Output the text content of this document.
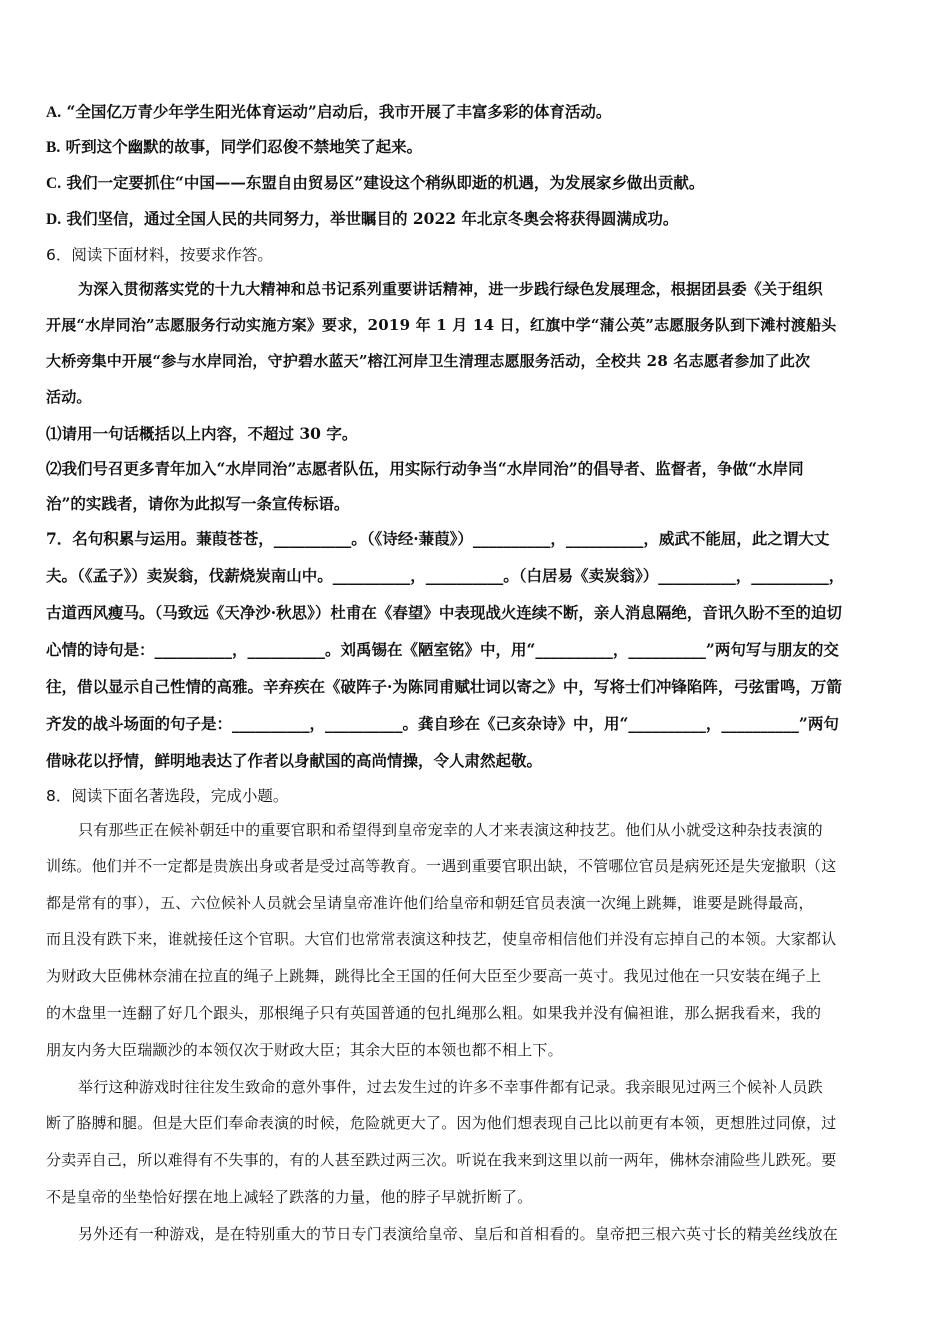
A. “全国亿万青少年学生阳光体育运动”启动后，我市开展了丰富多彩的体育活动。
B. 听到这个幽默的故事，同学们忍俊不禁地笑了起来。
C. 我们一定要抓住“中国——东盟自由贸易区”建设这个稍纵即逝的机遇，为发展家乡做出贡献。
D. 我们坚信，通过全国人民的共同努力，举世瞩目的 2022 年北京冬奥会将获得圆满成功。
6．阅读下面材料，按要求作答。
为深入贯彻落实党的十九大精神和总书记系列重要讲话精神，进一步践行绿色发展理念，根据团县委《关于组织
开展“水岸同治”志愿服务行动实施方案》要求，2019 年 1 月 14 日，红旗中学“蒲公英”志愿服务队到下滩村渡船头
大桥旁集中开展“参与水岸同治，守护碧水蓝天”榕江河岸卫生清理志愿服务活动，全校共 28 名志愿者参加了此次
活动。
⑴请用一句话概括以上内容，不超过 30 字。
⑵我们号召更多青年加入“水岸同治”志愿者队伍，用实际行动争当“水岸同治”的倡导者、监督者，争做“水岸同
治”的实践者，请你为此拟写一条宣传标语。
7．名句积累与运用。蒹葭苍苍，__________。（《诗经·蒹葭》）__________，__________，威武不能屈，此之谓大丈
夫。（《孟子》）卖炭翁，伐薪烧炭南山中。__________，__________。（白居易《卖炭翁》）__________，__________，
古道西风瘦马。（马致远《天净沙·秋思》）杜甫在《春望》中表现战火连续不断，亲人消息隔绝，音讯久盼不至的迫切
心情的诗句是：__________，__________。刘禹锡在《陋室铭》中，用“__________，__________”两句写与朋友的交
往，借以显示自己性情的高雅。辛弃疾在《破阵子·为陈同甫赋壮词以寄之》中，写将士们冲锋陷阵，弓弦雷鸣，万箭
齐发的战斗场面的句子是：__________，__________。龚自珍在《己亥杂诗》中，用“__________，__________”两句
借咏花以抒情，鲜明地表达了作者以身献国的高尚情操，令人肃然起敬。
8．阅读下面名著选段，完成小题。
只有那些正在候补朝廷中的重要官职和希望得到皇帝宠幸的人才来表演这种技艺。他们从小就受这种杂技表演的
训练。他们并不一定都是贵族出身或者是受过高等教育。一遇到重要官职出缺，不管哪位官员是病死还是失宠撤职（这
都是常有的事），五、六位候补人员就会呈请皇帝准许他们给皇帝和朝廷官员表演一次绳上跳舞，谁要是跳得最高，
而且没有跌下来，谁就接任这个官职。大官们也常常表演这种技艺，使皇帝相信他们并没有忘掉自己的本领。大家都认
为财政大臣佛林奈浦在拉直的绳子上跳舞，跳得比全王国的任何大臣至少要高一英寸。我见过他在一只安装在绳子上
的木盘里一连翻了好几个跟头，那根绳子只有英国普通的包扎绳那么粗。如果我并没有偏袒谁，那么据我看来，我的
朋友内务大臣瑞颛沙的本领仅次于财政大臣；其余大臣的本领也都不相上下。
举行这种游戏时往往发生致命的意外事件，过去发生过的许多不幸事件都有记录。我亲眼见过两三个候补人员跌
断了胳膊和腿。但是大臣们奉命表演的时候，危险就更大了。因为他们想表现自己比以前更有本领，更想胜过同僚，过
分卖弄自己，所以难得有不失事的，有的人甚至跌过两三次。听说在我来到这里以前一两年，佛林奈浦险些儿跌死。要
不是皇帝的坐垫恰好摆在地上减轻了跌落的力量，他的脖子早就折断了。
另外还有一种游戏，是在特别重大的节日专门表演给皇帝、皇后和首相看的。皇帝把三根六英寸长的精美丝线放在
